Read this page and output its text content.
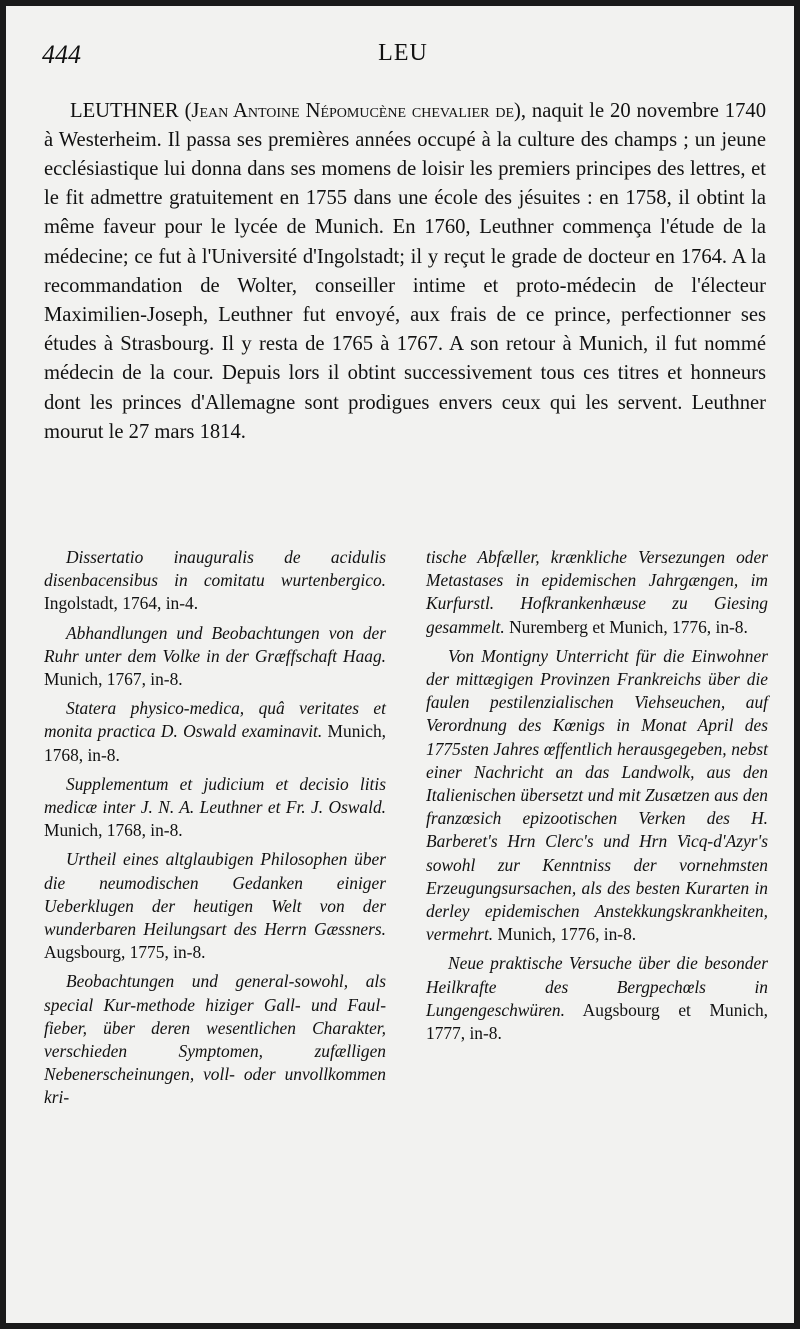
444	LEU

LEUTHNER (Jean Antoine Népomucène chevalier de), naquit le 20 novembre 1740 à Westerheim. Il passa ses premières années occupé à la culture des champs ; un jeune ecclésiastique lui donna dans ses momens de loisir les premiers principes des lettres, et le fit admettre gratuitement en 1755 dans une école des jésuites : en 1758, il obtint la même faveur pour le lycée de Munich. En 1760, Leuthner commença l'étude de la médecine; ce fut à l'Université d'Ingolstadt; il y reçut le grade de docteur en 1764. A la recommandation de Wolter, conseiller intime et proto-médecin de l'électeur Maximilien-Joseph, Leuthner fut envoyé, aux frais de ce prince, perfectionner ses études à Strasbourg. Il y resta de 1765 à 1767. A son retour à Munich, il fut nommé médecin de la cour. Depuis lors il obtint successivement tous ces titres et honneurs dont les princes d'Allemagne sont prodigues envers ceux qui les servent. Leuthner mourut le 27 mars 1814.

Dissertatio inauguralis de acidulis disenbacensibus in comitatu wurtenbergico. Ingolstadt, 1764, in-4.

Abhandlungen und Beobachtungen von der Ruhr unter dem Volke in der Græffschaft Haag. Munich, 1767, in-8.

Statera physico-medica, quâ veritates et monita practica D. Oswald examinavit. Munich, 1768, in-8.

Supplementum et judicium et decisio litis medicæ inter J. N. A. Leuthner et Fr. J. Oswald. Munich, 1768, in-8.

Urtheil eines altglaubigen Philosophen über die neumodischen Gedanken einiger Ueberklugen der heutigen Welt von der wunderbaren Heilungsart des Herrn Gæssners. Augsbourg, 1775, in-8.

Beobachtungen und general-sowohl, als special Kur-methode hiziger Gall- und Faul-fieber, über deren wesentlichen Charakter, verschieden Symptomen, zufælligen Nebenerscheinungen, voll- oder unvollkommen kri-

tische Abfæller, krænkliche Versezungen oder Metastases in epidemischen Jahrgængen, im Kurfurstl. Hofkrankenhæuse zu Giesing gesammelt. Nuremberg et Munich, 1776, in-8.

Von Montigny Unterricht für die Einwohner der mittægigen Provinzen Frankreichs über die faulen pestilenzialischen Viehseuchen, auf Verordnung des Kœnigs in Monat April des 1775sten Jahres œffentlich herausgegeben, nebst einer Nachricht an das Landwolk, aus den Italienischen übersetzt und mit Zusætzen aus den franzœsich epizootischen Verken des H. Barberet's Hrn Clerc's und Hrn Vicq-d'Azyr's sowohl zur Kenntniss der vornehmsten Erzeugungsursachen, als des besten Kurarten in derley epidemischen Anstekkungskrankheiten, vermehrt. Munich, 1776, in-8.

Neue praktische Versuche über die besonder Heilkrafte des Bergpechœls in Lungengeschwüren. Augsbourg et Munich, 1777, in-8.
